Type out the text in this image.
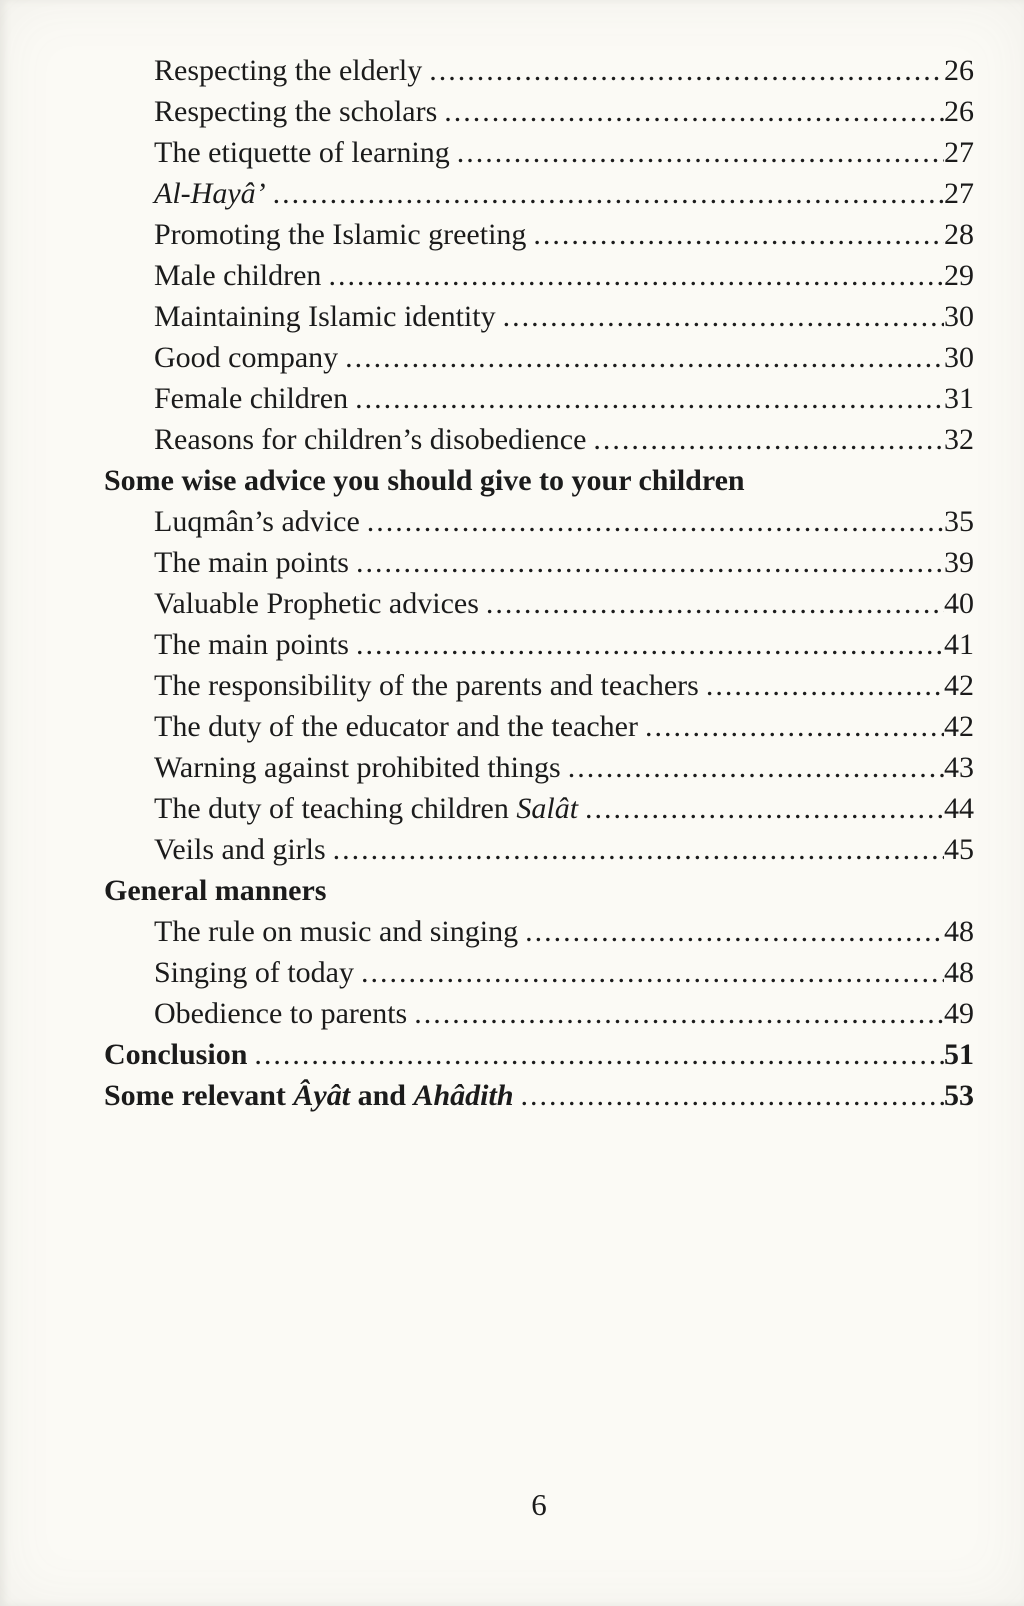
Respecting the elderly .....	26
Respecting the scholars .....	26
The etiquette of learning .....	27
Al-Hayâ’ .....	27
Promoting the Islamic greeting .....	28
Male children .....	29
Maintaining Islamic identity .....	30
Good company .....	30
Female children .....	31
Reasons for children’s disobedience .....	32
Some wise advice you should give to your children
Luqmân’s advice .....	35
The main points .....	39
Valuable Prophetic advices .....	40
The main points .....	41
The responsibility of the parents and teachers .....	42
The duty of the educator and the teacher .....	42
Warning against prohibited things .....	43
The duty of teaching children Salât .....	44
Veils and girls .....	45
General manners
The rule on music and singing .....	48
Singing of today .....	48
Obedience to parents .....	49
Conclusion .....	51
Some relevant Âyât and Ahâdith .....	53
6
